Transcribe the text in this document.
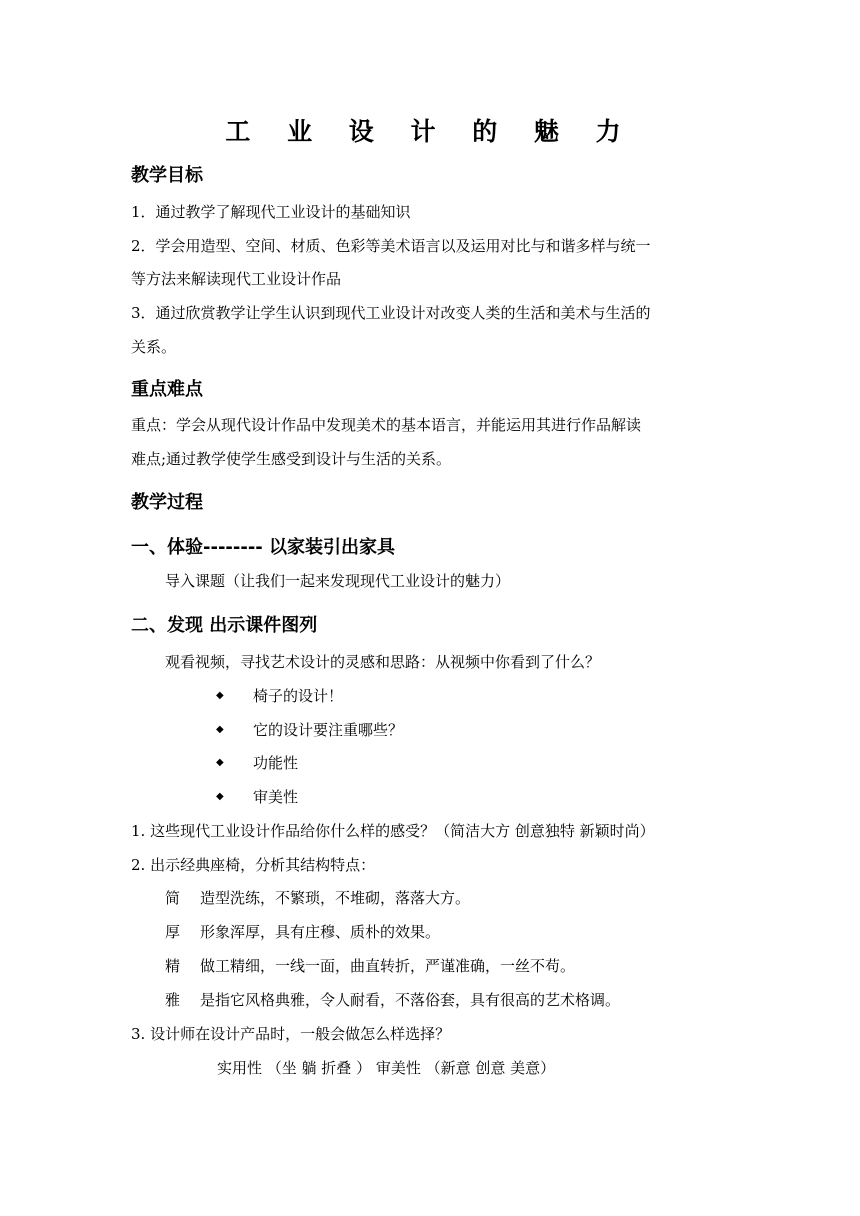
工 业 设 计 的 魅 力
教学目标
1．通过教学了解现代工业设计的基础知识
2．学会用造型、空间、材质、色彩等美术语言以及运用对比与和谐多样与统一
等方法来解读现代工业设计作品
3．通过欣赏教学让学生认识到现代工业设计对改变人类的生活和美术与生活的
关系。
重点难点
重点：学会从现代设计作品中发现美术的基本语言，并能运用其进行作品解读
难点;通过教学使学生感受到设计与生活的关系。
教学过程
一、体验-------- 以家装引出家具
导入课题（让我们一起来发现现代工业设计的魅力）
二、发现 出示课件图列
观看视频，寻找艺术设计的灵感和思路：从视频中你看到了什么？
◆ 椅子的设计！
◆ 它的设计要注重哪些？
◆ 功能性
◆ 审美性
1. 这些现代工业设计作品给你什么样的感受？（简洁大方 创意独特 新颖时尚）
2. 出示经典座椅，分析其结构特点：
简 造型洗练，不繁琐，不堆砌，落落大方。
厚 形象浑厚，具有庄穆、质朴的效果。
精 做工精细，一线一面，曲直转折，严谨准确，一丝不苟。
雅 是指它风格典雅，令人耐看，不落俗套，具有很高的艺术格调。
3. 设计师在设计产品时，一般会做怎么样选择？
实用性 （坐 躺 折叠 ） 审美性 （新意 创意 美意）
